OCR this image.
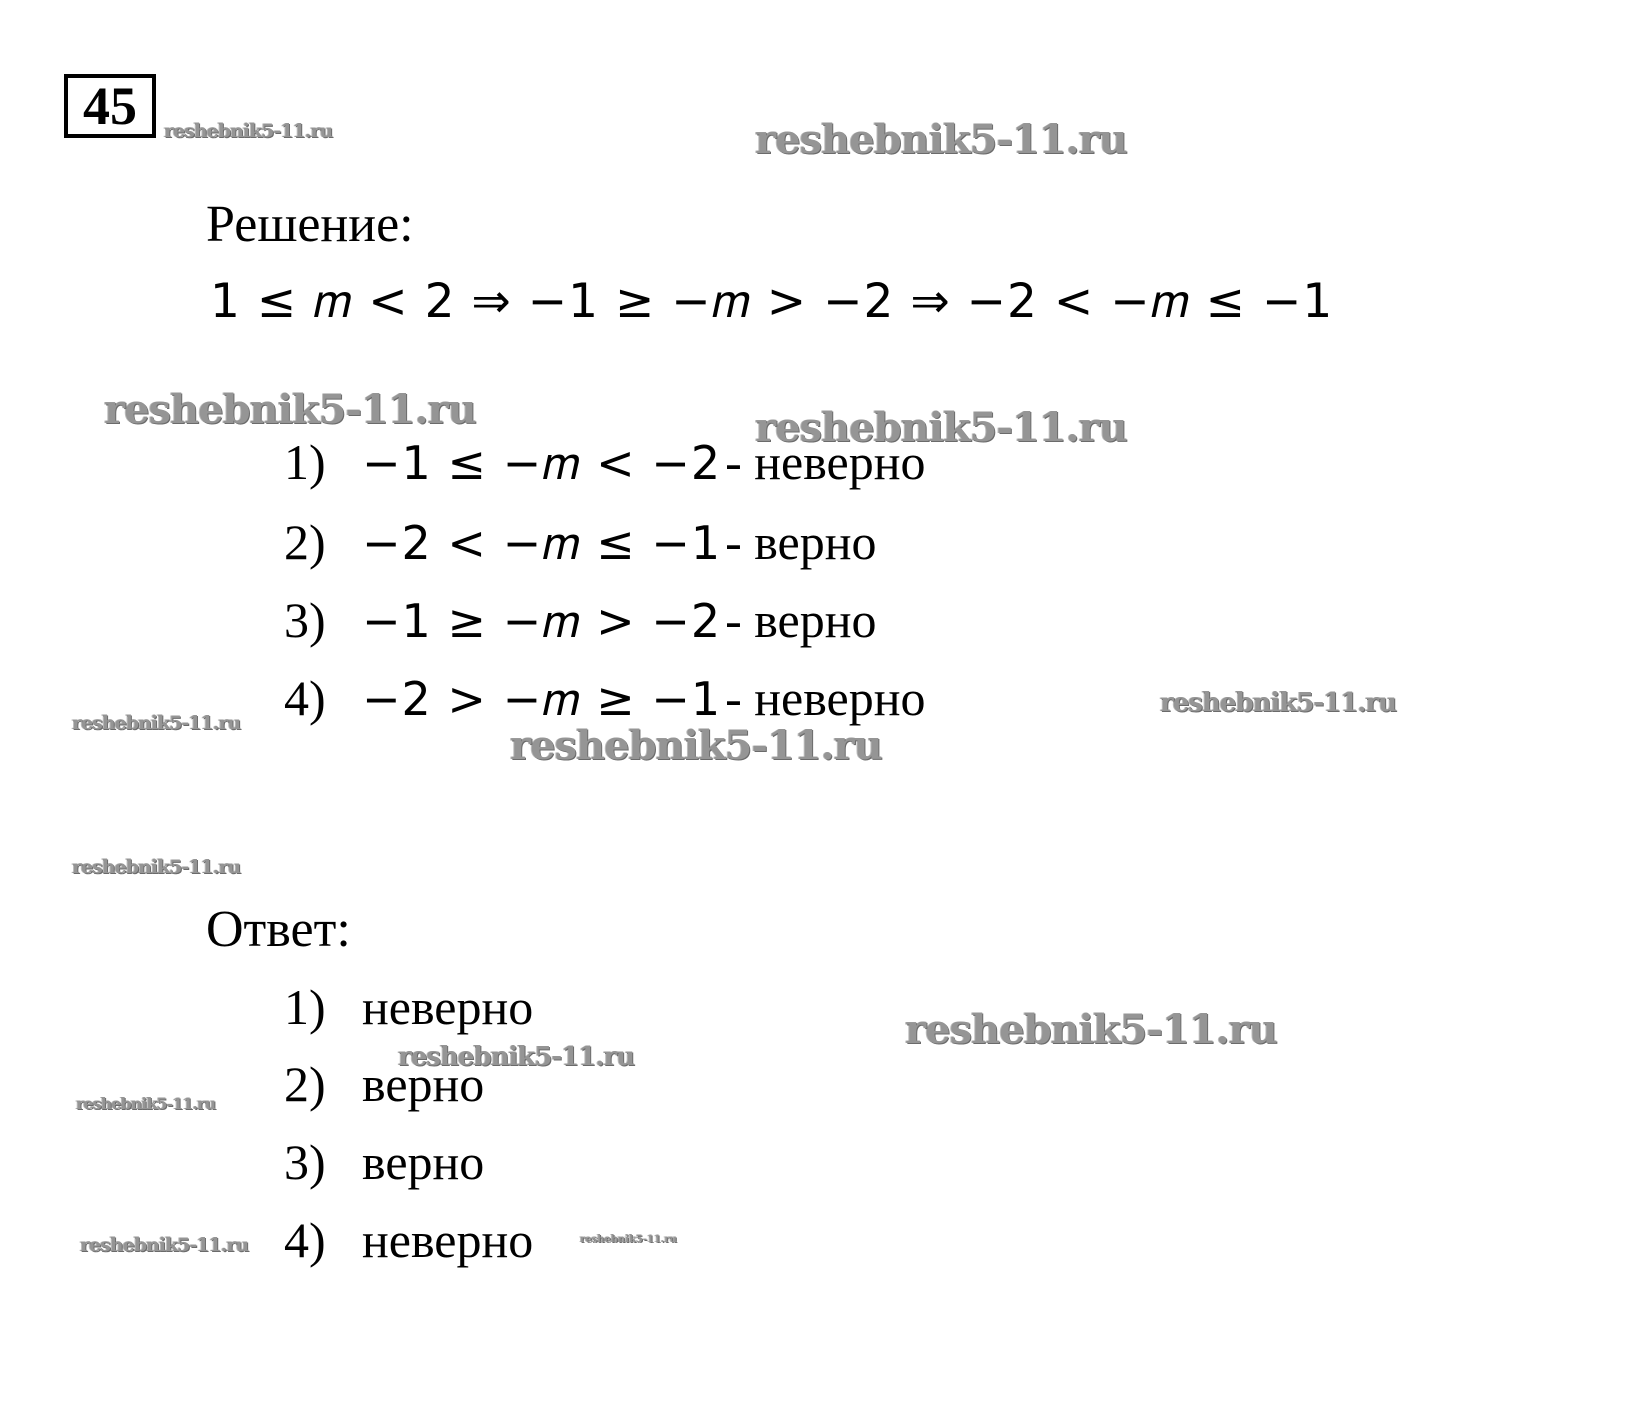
45
Решение:
1 ≤ 𝑚 < 2 ⇒ −1 ≥ −𝑚 > −2 ⇒ −2 < −𝑚 ≤ −1
1) −1 ≤ −𝑚 < −2 - неверно
2) −2 < −𝑚 ≤ −1 - верно
3) −1 ≥ −𝑚 > −2 - верно
4) −2 > −𝑚 ≥ −1 - неверно
Ответ:
1) неверно
2) верно
3) верно
4) неверно
reshebnik5-11.ru	reshebnik5-11.ru
reshebnik5-11.ru	reshebnik5-11.ru
reshebnik5-11.ru
reshebnik5-11.ru	reshebnik5-11.ru
reshebnik5-11.ru
reshebnik5-11.ru
reshebnik5-11.ru
reshebnik5-11.ru
reshebnik5-11.ru	reshebnik5-11.ru
